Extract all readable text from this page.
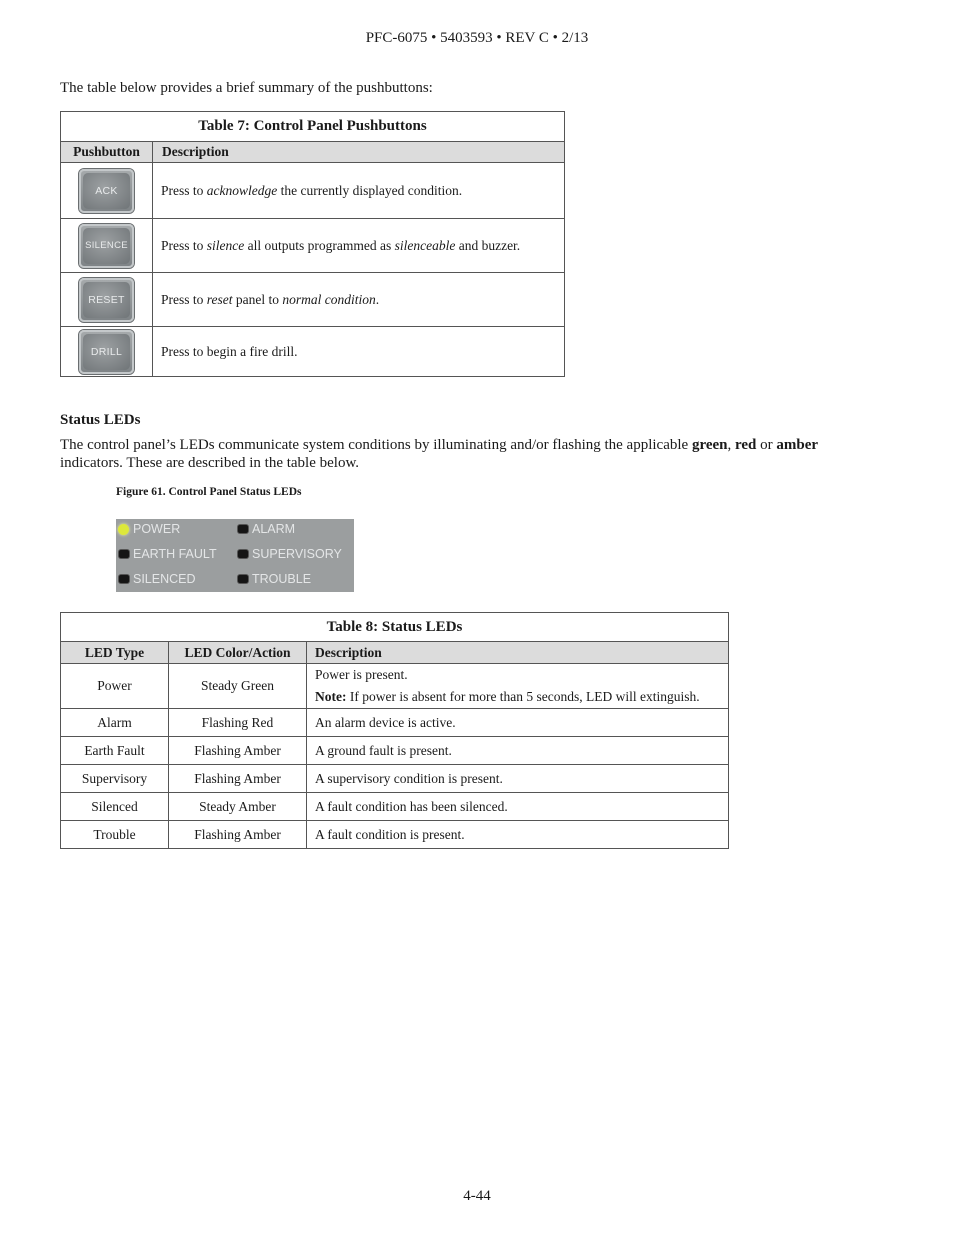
PFC-6075 • 5403593 • REV C • 2/13
The table below provides a brief summary of the pushbuttons:
Table 7: Control Panel Pushbuttons	
Pushbutton	Description

ACK	Press to acknowledge the currently displayed condition.

SILENCE	Press to silence all outputs programmed as silenceable and buzzer.

RESET	Press to reset panel to normal condition.

DRILL	Press to begin a fire drill.
Status LEDs
The control panel’s LEDs communicate system conditions by illuminating and/or flashing the applicable green, red or amber indicators. These are described in the table below.
Figure 61. Control Panel Status LEDs
POWER	ALARM
EARTH FAULT	SUPERVISORY
SILENCED	TROUBLE
Table 8: Status LEDs		
LED Type	LED Color/Action	Description
Power	Steady Green	Power is present.
Note: If power is absent for more than 5 seconds, LED will extinguish.

Alarm	Flashing Red	An alarm device is active.
Earth Fault	Flashing Amber	A ground fault is present.
Supervisory	Flashing Amber	A supervisory condition is present.
Silenced	Steady Amber	A fault condition has been silenced.
Trouble	Flashing Amber	A fault condition is present.
4-44
